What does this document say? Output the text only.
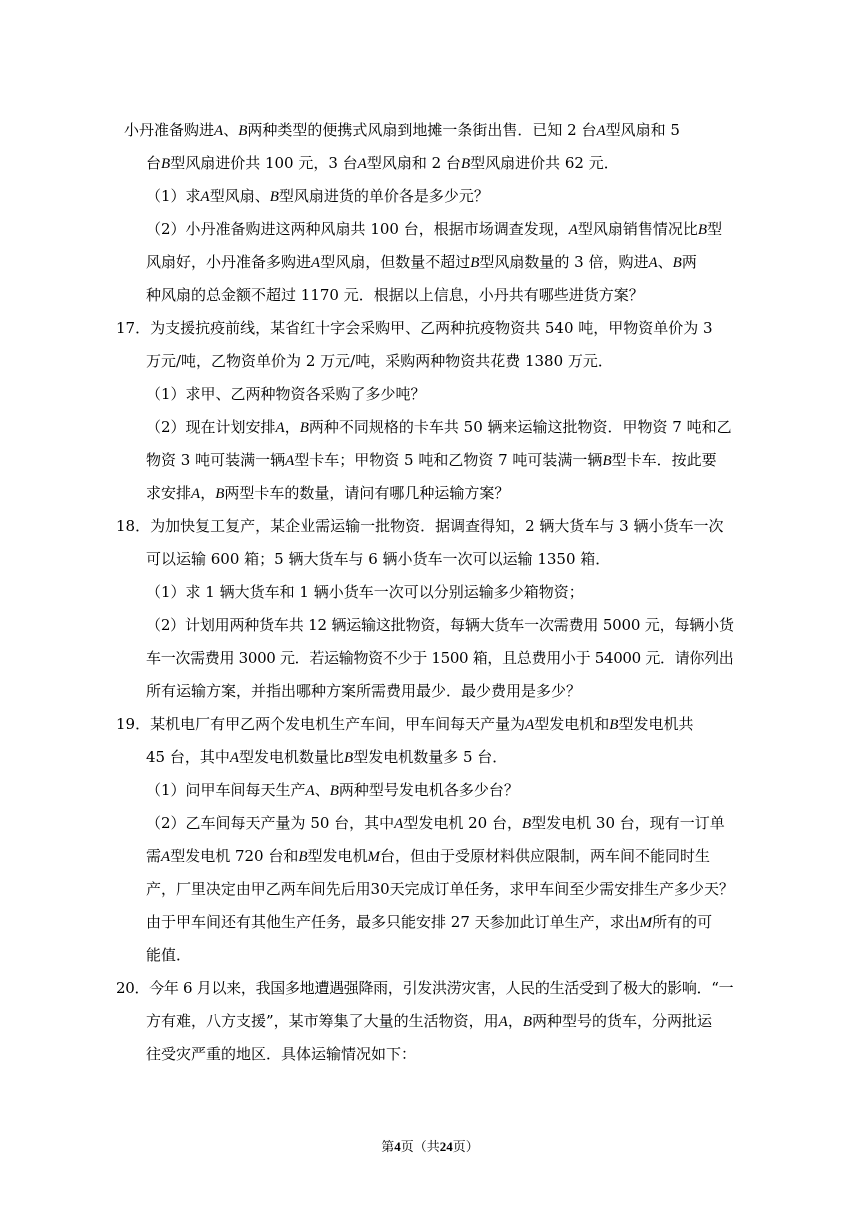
小丹准备购进A、B两种类型的便携式风扇到地摊一条街出售．已知 2 台A型风扇和 5
台B型风扇进价共 100 元，3 台A型风扇和 2 台B型风扇进价共 62 元．
（1）求A型风扇、B型风扇进货的单价各是多少元？
（2）小丹准备购进这两种风扇共 100 台，根据市场调查发现，A型风扇销售情况比B型
风扇好，小丹准备多购进A型风扇，但数量不超过B型风扇数量的 3 倍，购进A、B两
种风扇的总金额不超过 1170 元．根据以上信息，小丹共有哪些进货方案？
17．为支援抗疫前线，某省红十字会采购甲、乙两种抗疫物资共 540 吨，甲物资单价为 3
万元/吨，乙物资单价为 2 万元/吨，采购两种物资共花费 1380 万元．
（1）求甲、乙两种物资各采购了多少吨？
（2）现在计划安排A，B两种不同规格的卡车共 50 辆来运输这批物资．甲物资 7 吨和乙
物资 3 吨可装满一辆A型卡车；甲物资 5 吨和乙物资 7 吨可装满一辆B型卡车．按此要
求安排A，B两型卡车的数量，请问有哪几种运输方案？
18．为加快复工复产，某企业需运输一批物资．据调查得知，2 辆大货车与 3 辆小货车一次
可以运输 600 箱；5 辆大货车与 6 辆小货车一次可以运输 1350 箱．
（1）求 1 辆大货车和 1 辆小货车一次可以分别运输多少箱物资；
（2）计划用两种货车共 12 辆运输这批物资，每辆大货车一次需费用 5000 元，每辆小货
车一次需费用 3000 元．若运输物资不少于 1500 箱，且总费用小于 54000 元．请你列出
所有运输方案，并指出哪种方案所需费用最少．最少费用是多少？
19．某机电厂有甲乙两个发电机生产车间，甲车间每天产量为A型发电机和B型发电机共
45 台，其中A型发电机数量比B型发电机数量多 5 台．
（1）问甲车间每天生产A、B两种型号发电机各多少台？
（2）乙车间每天产量为 50 台，其中A型发电机 20 台，B型发电机 30 台，现有一订单
需A型发电机 720 台和B型发电机M台，但由于受原材料供应限制，两车间不能同时生
产，厂里决定由甲乙两车间先后用30天完成订单任务，求甲车间至少需安排生产多少天？
由于甲车间还有其他生产任务，最多只能安排 27 天参加此订单生产，求出M所有的可
能值．
20．今年 6 月以来，我国多地遭遇强降雨，引发洪涝灾害，人民的生活受到了极大的影响．“一
方有难，八方支援”，某市筹集了大量的生活物资，用A，B两种型号的货车，分两批运
往受灾严重的地区．具体运输情况如下：
第4页（共24页）
